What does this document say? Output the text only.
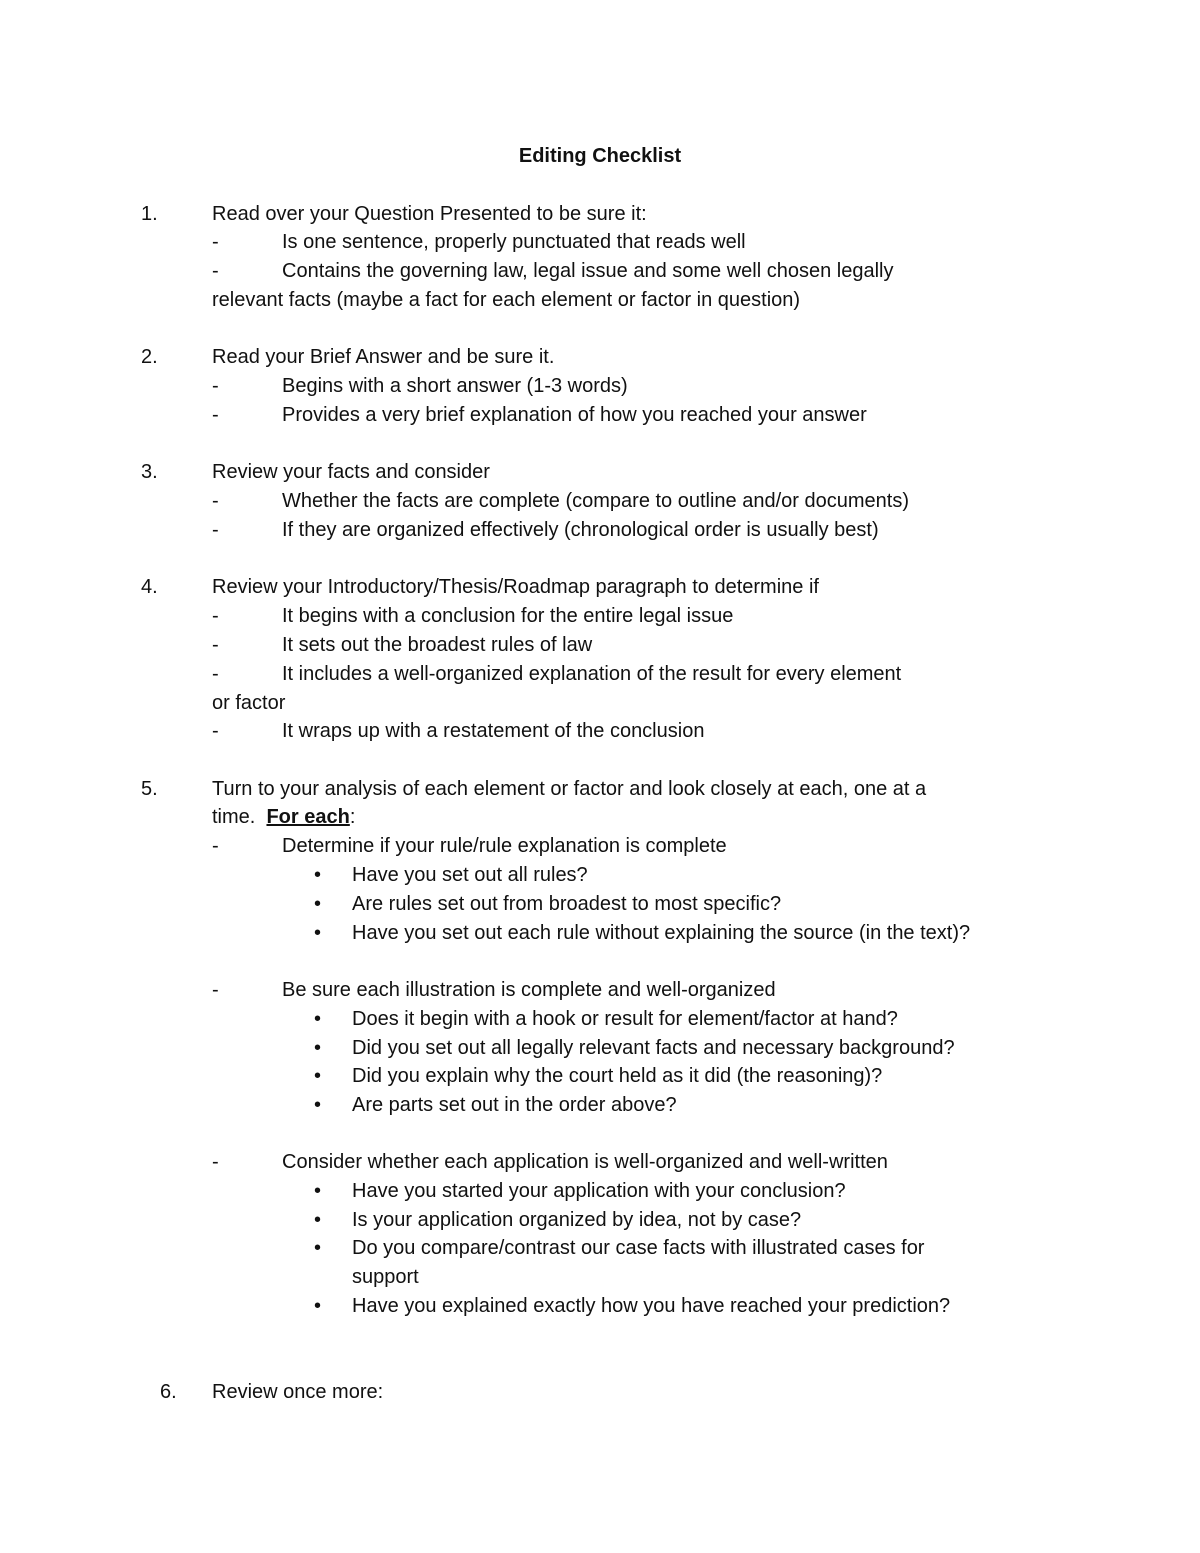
Editing Checklist
1.	Read over your Question Presented to be sure it:
-	Is one sentence, properly punctuated that reads well
-	Contains the governing law, legal issue and some well chosen legally
relevant facts (maybe a fact for each element or factor in question)
2.	Read your Brief Answer and be sure it.
-	Begins with a short answer (1-3 words)
-	Provides a very brief explanation of how you reached your answer
3.	Review your facts and consider
-	Whether the facts are complete (compare to outline and/or documents)
-	If they are organized effectively (chronological order is usually best)
4.	Review your Introductory/Thesis/Roadmap paragraph to determine if
-	It begins with a conclusion for the entire legal issue
-	It sets out the broadest rules of law
-	It includes a well-organized explanation of the result for every element
or factor
-	It wraps up with a restatement of the conclusion
5.	Turn to your analysis of each element or factor and look closely at each, one at a
time. For each:
-	Determine if your rule/rule explanation is complete
• Have you set out all rules?
• Are rules set out from broadest to most specific?
• Have you set out each rule without explaining the source (in the text)?
-	Be sure each illustration is complete and well-organized
• Does it begin with a hook or result for element/factor at hand?
• Did you set out all legally relevant facts and necessary background?
• Did you explain why the court held as it did (the reasoning)?
• Are parts set out in the order above?
-	Consider whether each application is well-organized and well-written
• Have you started your application with your conclusion?
• Is your application organized by idea, not by case?
• Do you compare/contrast our case facts with illustrated cases for
support
• Have you explained exactly how you have reached your prediction?
6. Review once more:
